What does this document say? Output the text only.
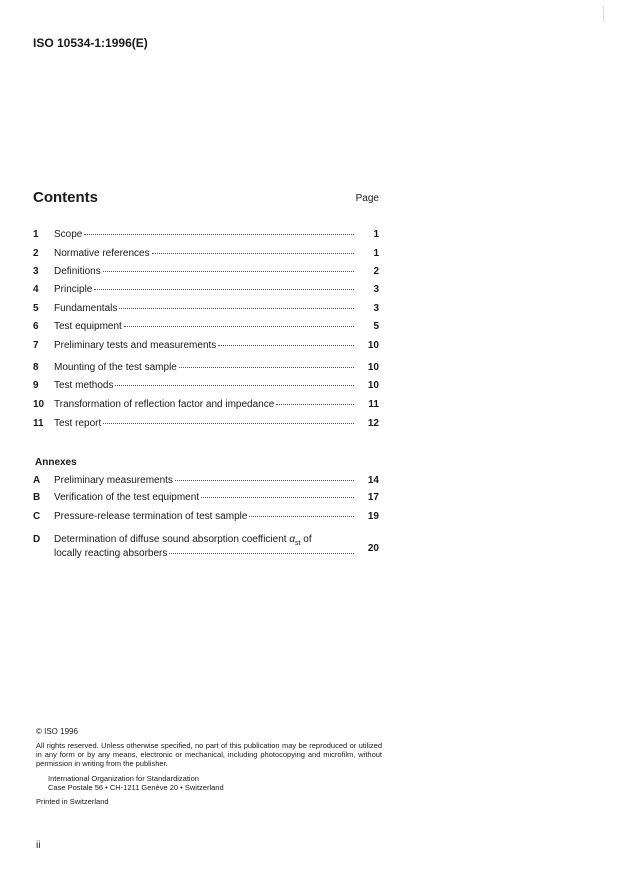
ISO 10534-1:1996(E)
Contents	Page
1	Scope	1
2	Normative references	1
3	Definitions	2
4	Principle	3
5	Fundamentals	3
6	Test equipment	5
7	Preliminary tests and measurements	10
8	Mounting of the test sample	10
9	Test methods	10
10 Transformation of reflection factor and impedance	11
11	Test report	12
Annexes
A	Preliminary measurements	14
B	Verification of the test equipment	17
C	Pressure-release termination of test sample	19
D	Determination of diffuse sound absorption coefficient $\alpha_{st}$ of
locally reacting absorbers	20
© ISO 1996
All rights reserved. Unless otherwise specified, no part of this publication may be reproduced or utilized in any form or by any means, electronic or mechanical, including photocopying and microfilm, without permission in writing from the publisher.
International Organization for Standardization
Case Postale 56 • CH-1211 Genève 20 • Switzerland
Printed in Switzerland
ii
